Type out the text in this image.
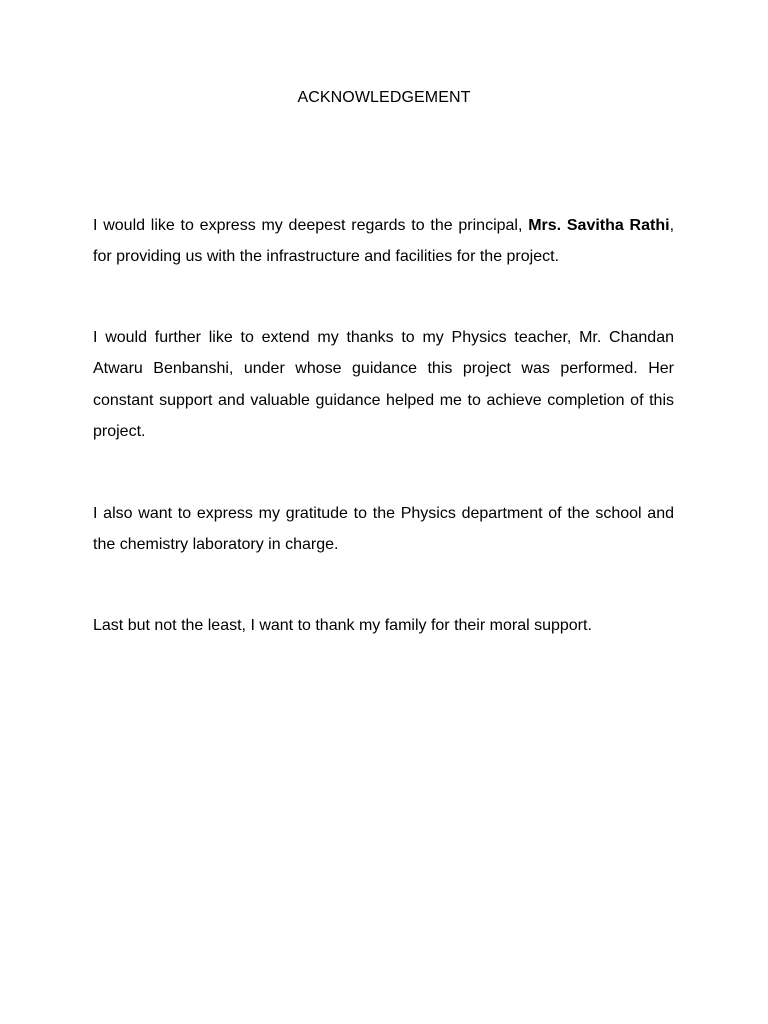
ACKNOWLEDGEMENT

I would like to express my deepest regards to the principal, Mrs. Savitha Rathi, for providing us with the infrastructure and facilities for the project.

I would further like to extend my thanks to my Physics teacher, Mr. Chandan Atwaru Benbanshi, under whose guidance this project was performed. Her constant support and valuable guidance helped me to achieve completion of this project.

I also want to express my gratitude to the Physics department of the school and the chemistry laboratory in charge.

Last but not the least, I want to thank my family for their moral support.
